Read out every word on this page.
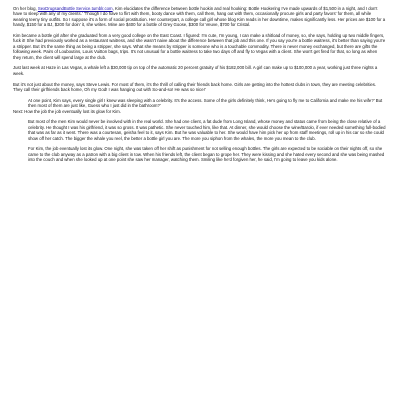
On her blog, SexDrugsandBottle Service.tumblr.com, Kim elucidates the difference between bottle hookin and real hooking: Bottle Hookering I've made upwards of $1,500 in a night, and I don't have to sleep with any of my clients.' 'Though I do have to flirt with them, booty dance with them, call them, hang out with them, occasionally procure girls and party favors' for them, all while wearing teeny tiny outfits. So I suppose it's a form of social prostitution. Her counterpart, a college call girl whose blog Kim reads in her downtime, makes significantly less. Her prices are $100 for a handy, $150 for a BJ, $200 for doin' it, she writes. Mine are $400 for a bottle of Grey Goose, $300 for Veuve, $700 for Cristal.

Kim became a bottle girl after she graduated from a very good college on the East Coast. I figured: I'm cute, I'm young, I can make a shitload of money, so, she says, holding up two middle fingers, fuck it! She had previously worked as a restaurant waitress, and she wasn't naive about the difference between that job and this one. If you say you're a bottle waitress, it's better than saying you're a stripper. But it's the same thing as being a stripper, she says. What she means by stripper is someone who is a touchable commodity. There is never money exchanged, but there are gifts the following week. Pairs of Louboutins, Louis Vuitton bags, trips. It's not unusual for a bottle waitress to take two days off and fly to Vegas with a client. She won't get fired for that, so long as when they return, the client will spend large at the club.

Just last week at Haze in Las Vegas, a whale left a $30,000 tip on top of the automatic 20 percent gratuity of his $182,000 bill. A girl can make up to $100,000 a year, working just three nights a week.

But it's not just about the money, says Steve Lewis. For most of them, it's the thrill of calling their friends back home. Girls are getting into the hottest clubs in town, they are meeting celebrities. They call their girlfriends back home, Oh my God! I was hanging out with So-and-so! He was so nice!'

At one point, Kim says, every single girl I knew was sleeping with a celebrity. It's the access. Some of the girls definitely think, He's going to fly me to California and make me his wife?' But then most of them are just like, Guess who I just did in the bathroom?'

Next: How the job the job eventually lost its glow for Kim.

But most of the men Kim would never be involved with in the real world. She had one client, a fat dude from Long Island, whose money and status came from being the close relative of a celebrity. He thought I was his girlfriend, it was so gross. It was pathetic. She never touched him, like that. At dinner, she would choose the wine/Barolo, if ever needed something full-bodied that was as far as it went. There was a courtesan, geisha feel to it, says Kim. But he was valuable to her. She would have him pick her up from staff meetings, roll up in his car so she could show off her catch. The bigger the whale you reel, the better a bottle girl you are. The more you siphon from the whales, the more you mean to the club.

For Kim, the job eventually lost its glow. One night, she was taken off her shift as punishment for not selling enough bottles. The girls are expected to be sociable on their nights off, so she came to the club anyway as a patron with a big client in tow. When his friends left, the client began to grope her. They were kissing and she hated every second and she was being mashed into the couch and when she looked up at one point she saw her manager, watching them. Smiling like he'd forgiven her, he said, I'm going to leave you kids alone.
